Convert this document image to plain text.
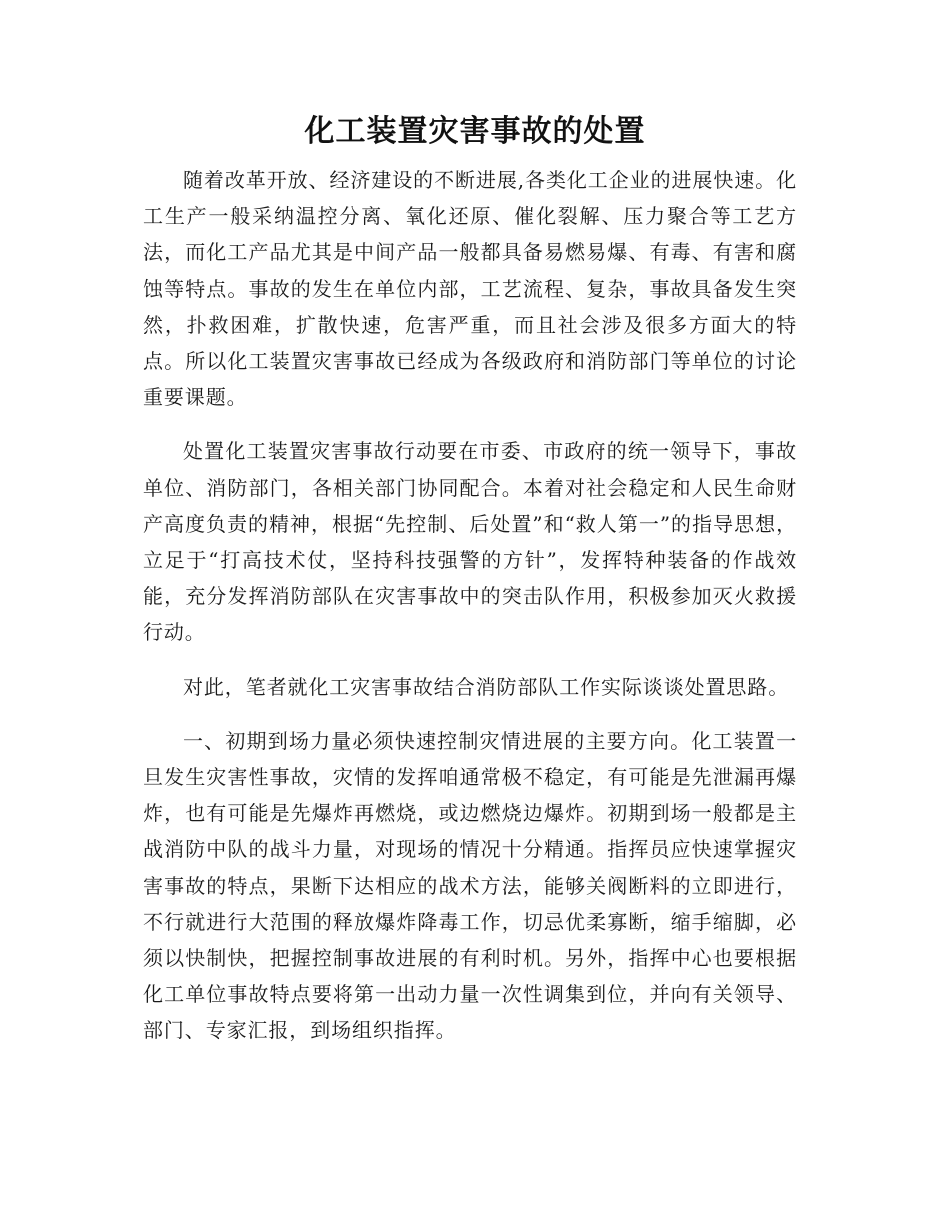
化工装置灾害事故的处置

随着改革开放、经济建设的不断进展,各类化工企业的进展快速。化工生产一般采纳温控分离、氧化还原、催化裂解、压力聚合等工艺方法，而化工产品尤其是中间产品一般都具备易燃易爆、有毒、有害和腐蚀等特点。事故的发生在单位内部，工艺流程、复杂，事故具备发生突然，扑救困难，扩散快速，危害严重，而且社会涉及很多方面大的特点。所以化工装置灾害事故已经成为各级政府和消防部门等单位的讨论重要课题。

处置化工装置灾害事故行动要在市委、市政府的统一领导下，事故单位、消防部门，各相关部门协同配合。本着对社会稳定和人民生命财产高度负责的精神，根据“先控制、后处置”和“救人第一”的指导思想，立足于“打高技术仗，坚持科技强警的方针”，发挥特种装备的作战效能，充分发挥消防部队在灾害事故中的突击队作用，积极参加灭火救援行动。

对此，笔者就化工灾害事故结合消防部队工作实际谈谈处置思路。

一、初期到场力量必须快速控制灾情进展的主要方向。化工装置一旦发生灾害性事故，灾情的发挥咱通常极不稳定，有可能是先泄漏再爆炸，也有可能是先爆炸再燃烧，或边燃烧边爆炸。初期到场一般都是主战消防中队的战斗力量，对现场的情况十分精通。指挥员应快速掌握灾害事故的特点，果断下达相应的战术方法，能够关阀断料的立即进行，不行就进行大范围的释放爆炸降毒工作，切忌优柔寡断，缩手缩脚，必须以快制快，把握控制事故进展的有利时机。另外，指挥中心也要根据化工单位事故特点要将第一出动力量一次性调集到位，并向有关领导、部门、专家汇报，到场组织指挥。
